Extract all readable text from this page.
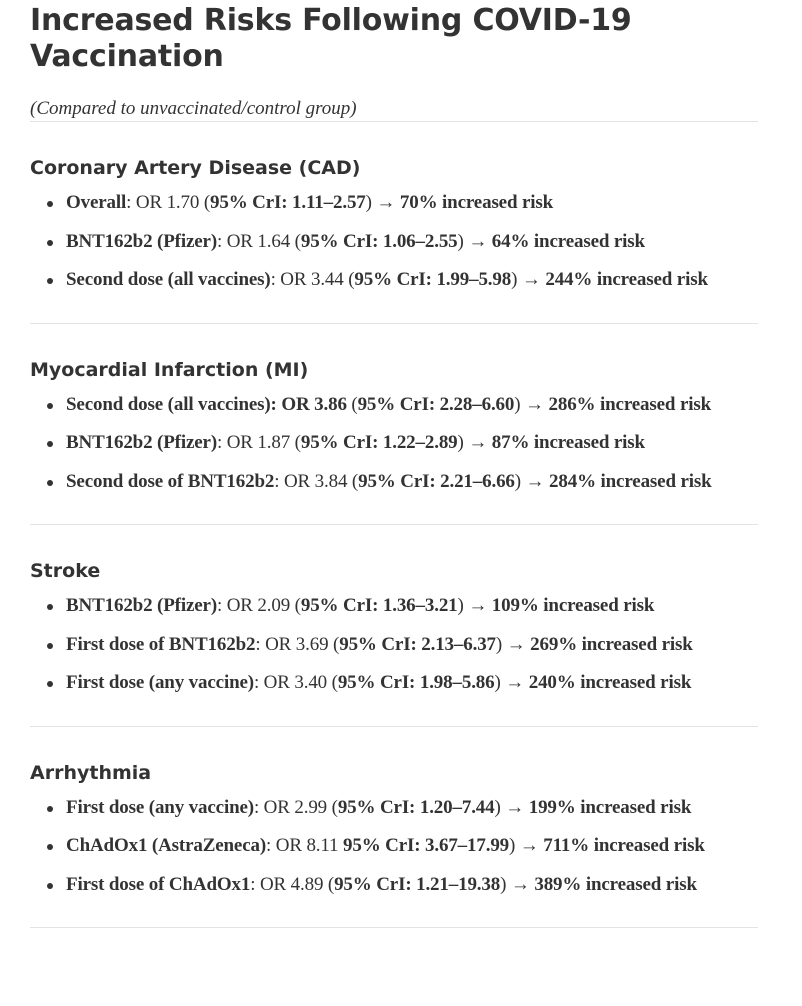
Increased Risks Following COVID-19 Vaccination

(Compared to unvaccinated/control group)

Coronary Artery Disease (CAD)
Overall: OR 1.70 (95% CrI: 1.11–2.57) → 70% increased risk
BNT162b2 (Pfizer): OR 1.64 (95% CrI: 1.06–2.55) → 64% increased risk
Second dose (all vaccines): OR 3.44 (95% CrI: 1.99–5.98) → 244% increased risk
Myocardial Infarction (MI)
Second dose (all vaccines): OR 3.86 (95% CrI: 2.28–6.60) → 286% increased risk
BNT162b2 (Pfizer): OR 1.87 (95% CrI: 1.22–2.89) → 87% increased risk
Second dose of BNT162b2: OR 3.84 (95% CrI: 2.21–6.66) → 284% increased risk
Stroke
BNT162b2 (Pfizer): OR 2.09 (95% CrI: 1.36–3.21) → 109% increased risk
First dose of BNT162b2: OR 3.69 (95% CrI: 2.13–6.37) → 269% increased risk
First dose (any vaccine): OR 3.40 (95% CrI: 1.98–5.86) → 240% increased risk
Arrhythmia
First dose (any vaccine): OR 2.99 (95% CrI: 1.20–7.44) → 199% increased risk
ChAdOx1 (AstraZeneca): OR 8.11 95% CrI: 3.67–17.99) → 711% increased risk
First dose of ChAdOx1: OR 4.89 (95% CrI: 1.21–19.38) → 389% increased risk
